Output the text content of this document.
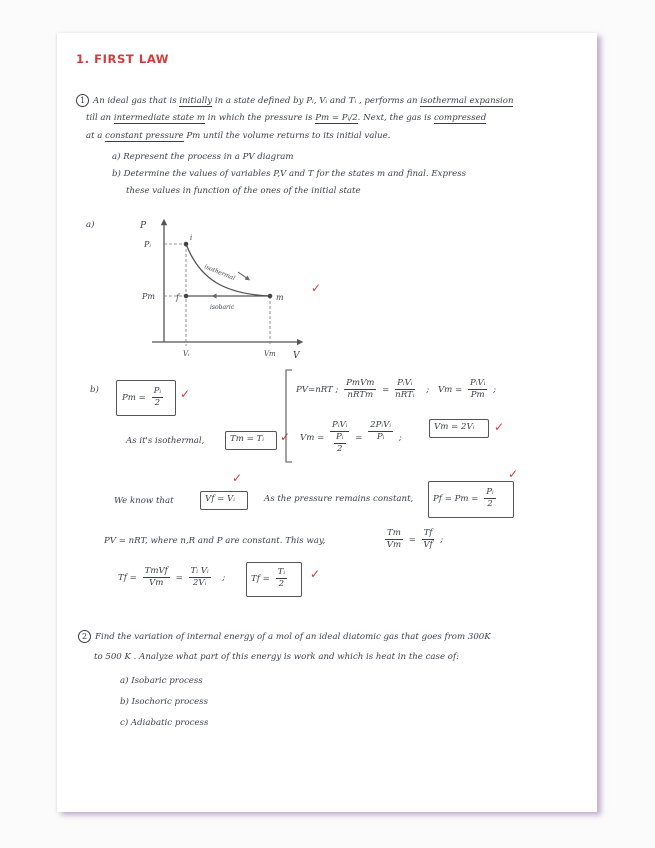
1. FIRST LAW
1 An ideal gas that is initially in a state defined by Pᵢ, Vᵢ and Tᵢ , performs an isothermal expansion
till an intermediate state m in which the pressure is Pm = Pᵢ/2. Next, the gas is compressed
at a constant pressure Pm until the volume returns to its initial value.
a) Represent the process in a PV diagram
b) Determine the values of variables P,V and T for the states m and final. Express
these values in function of the ones of the initial state
a)	P
V
Pᵢ
Pm
Vᵢ	Vm
i
f	m
isothermal
isobaric
✓
b)
$Pm = \frac{\text{Pᵢ}}{2}$ ✓
As it's isothermal,	Tm = Tᵢ ✓
PV=nRT ; $\frac{\text{PmVm}}{\text{nRTm}} = \frac{\text{PᵢVᵢ}}{\text{nRTᵢ}}$ ; $Vm = \frac{\text{PᵢVᵢ}}{Pm}$ ;
Vm = PᵢVᵢ
Pᵢ
$2 = \frac{\text{2PᵢVᵢ}}{\text{Pᵢ}}$ ;
Vm = 2Vᵢ ✓
✓
We know that	Vf = Vᵢ	As the pressure remains constant, $Pf = Pm = \frac{\text{Pᵢ}}{2}$
✓
PV = nRT, where n,R and P are constant. This way,	$\frac{Tm}{Vm} = \frac{Tf}{Vf}$ ;
$Tf = \frac{\text{TmVf}}{Vm} = \frac{\text{Tᵢ Vᵢ}}{\text{2Vᵢ}}$ ;	$Tf = \frac{\text{Tᵢ}}{2}$ ✓
2 Find the variation of internal energy of a mol of an ideal diatomic gas that goes from 300K
to 500 K . Analyze what part of this energy is work and which is heat in the case of:
a) Isobaric process
b) Isochoric process
c) Adiabatic process
